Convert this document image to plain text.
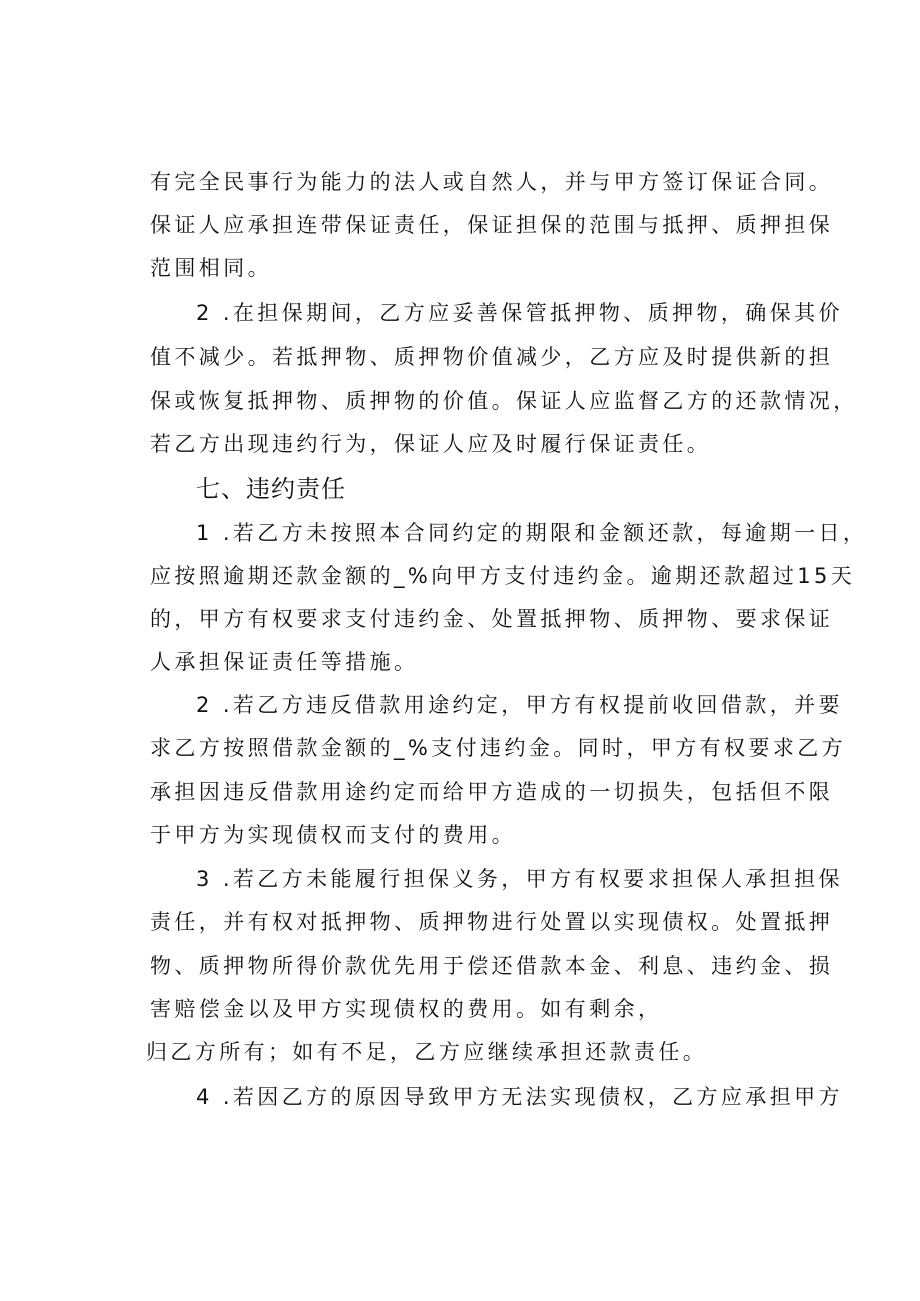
有完全民事行为能力的法人或自然人，并与甲方签订保证合同。
保证人应承担连带保证责任，保证担保的范围与抵押、质押担保
范围相同。
2 .在担保期间，乙方应妥善保管抵押物、质押物，确保其价
值不减少。若抵押物、质押物价值减少，乙方应及时提供新的担
保或恢复抵押物、质押物的价值。保证人应监督乙方的还款情况，
若乙方出现违约行为，保证人应及时履行保证责任。
七、违约责任
1 .若乙方未按照本合同约定的期限和金额还款，每逾期一日，
应按照逾期还款金额的_%向甲方支付违约金。逾期还款超过15天
的，甲方有权要求支付违约金、处置抵押物、质押物、要求保证
人承担保证责任等措施。
2 .若乙方违反借款用途约定，甲方有权提前收回借款，并要
求乙方按照借款金额的_%支付违约金。同时，甲方有权要求乙方
承担因违反借款用途约定而给甲方造成的一切损失，包括但不限
于甲方为实现债权而支付的费用。
3 .若乙方未能履行担保义务，甲方有权要求担保人承担担保
责任，并有权对抵押物、质押物进行处置以实现债权。处置抵押
物、质押物所得价款优先用于偿还借款本金、利息、违约金、损
害赔偿金以及甲方实现债权的费用。如有剩余，
归乙方所有；如有不足，乙方应继续承担还款责任。
4 .若因乙方的原因导致甲方无法实现债权，乙方应承担甲方
